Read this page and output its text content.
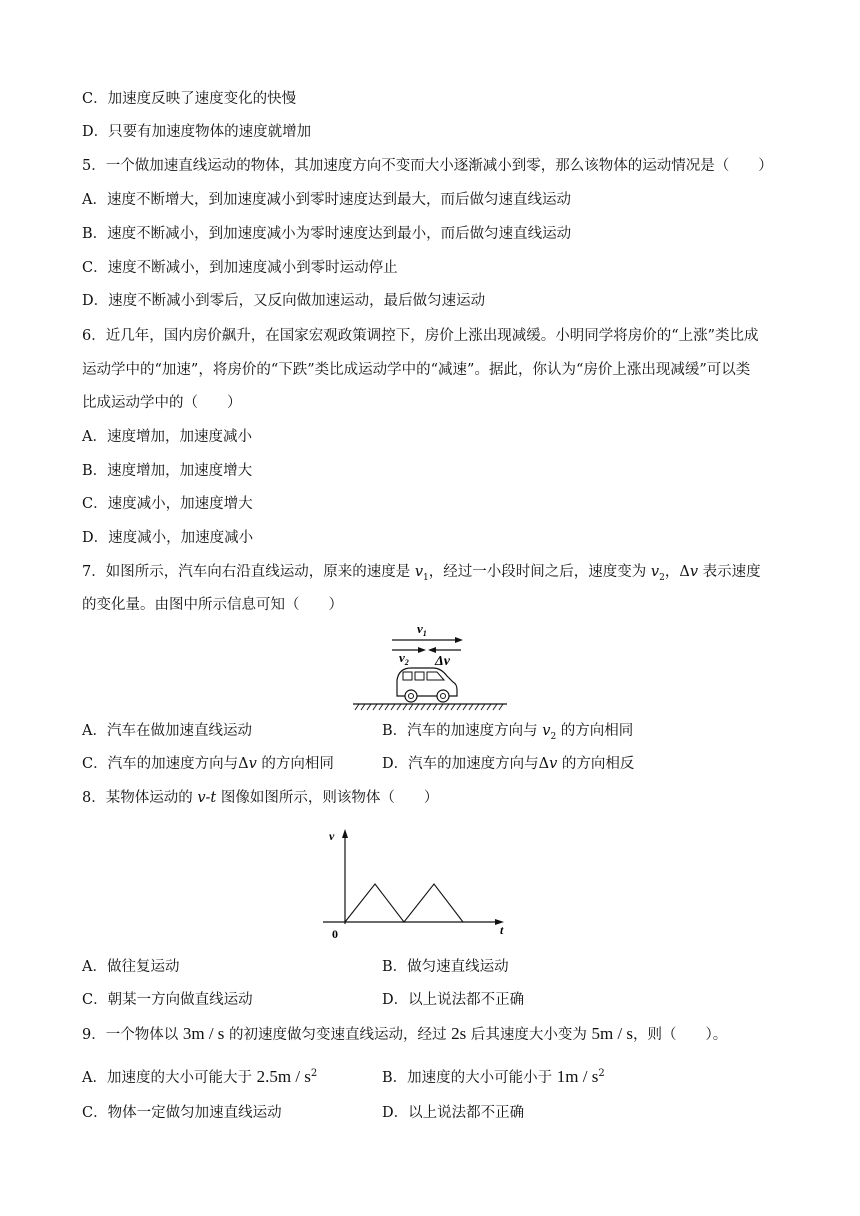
C．加速度反映了速度变化的快慢
D．只要有加速度物体的速度就增加
5．一个做加速直线运动的物体，其加速度方向不变而大小逐渐减小到零，那么该物体的运动情况是（　　）
A．速度不断增大，到加速度减小到零时速度达到最大，而后做匀速直线运动
B．速度不断减小，到加速度减小为零时速度达到最小，而后做匀速直线运动
C．速度不断减小，到加速度减小到零时运动停止
D．速度不断减小到零后，又反向做加速运动，最后做匀速运动
6．近几年，国内房价飙升，在国家宏观政策调控下，房价上涨出现减缓。小明同学将房价的“上涨”类比成
运动学中的“加速”，将房价的“下跌”类比成运动学中的“减速”。据此，你认为“房价上涨出现减缓”可以类
比成运动学中的（　　）
A．速度增加，加速度减小
B．速度增加，加速度增大
C．速度减小，加速度增大
D．速度减小，加速度减小
7．如图所示，汽车向右沿直线运动，原来的速度是 $v_1$，经过一小段时间之后，速度变为 $v_2$，Δv 表示速度
的变化量。由图中所示信息可知（　　）
$v_1$
$v_2$ Δv
A．汽车在做加速直线运动	B．汽车的加速度方向与 $v_2$ 的方向相同
C．汽车的加速度方向与Δv 的方向相同	D．汽车的加速度方向与Δv 的方向相反
8．某物体运动的 v-t 图像如图所示，则该物体（　　）
v
t
0
A．做往复运动	B．做匀速直线运动
C．朝某一方向做直线运动	D．以上说法都不正确
9．一个物体以 3m / s 的初速度做匀变速直线运动，经过 2s 后其速度大小变为 5m / s，则（　　）。
A．加速度的大小可能大于 $2.5m / s^2$	B．加速度的大小可能小于 $1m / s^2$
C．物体一定做匀加速直线运动	D．以上说法都不正确
